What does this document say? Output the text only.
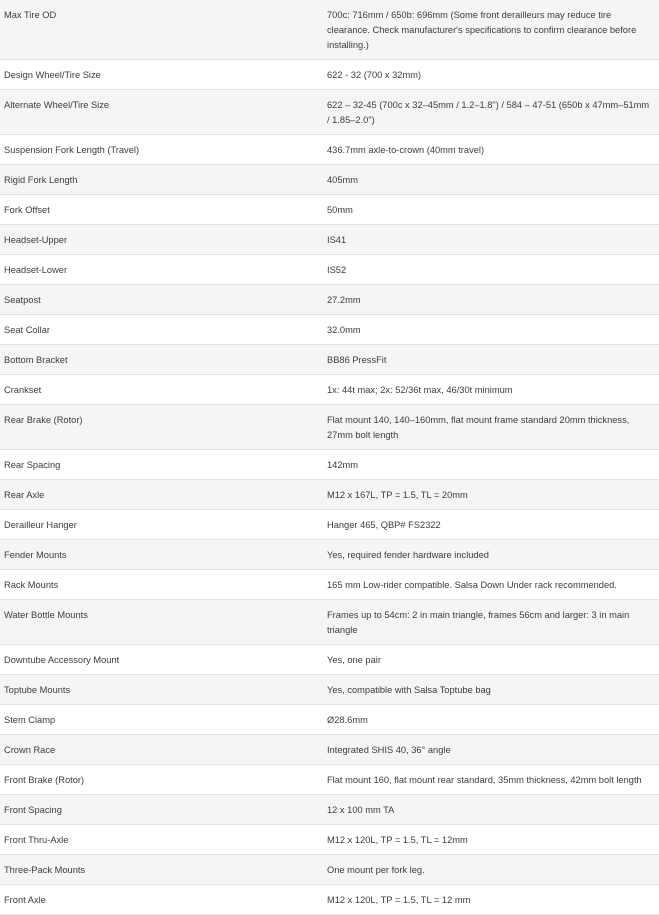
Max Tire OD	700c: 716mm / 650b: 696mm (Some front derailleurs may reduce tire clearance. Check manufacturer's specifications to confirm clearance before installing.)
Design Wheel/Tire Size	622 - 32 (700 x 32mm)
Alternate Wheel/Tire Size	622 – 32-45 (700c x 32–45mm / 1.2–1.8") / 584 – 47-51 (650b x 47mm–51mm / 1.85–2.0")
Suspension Fork Length (Travel)	436.7mm axle-to-crown (40mm travel)
Rigid Fork Length	405mm
Fork Offset	50mm
Headset-Upper	IS41
Headset-Lower	IS52
Seatpost	27.2mm
Seat Collar	32.0mm
Bottom Bracket	BB86 PressFit
Crankset	1x: 44t max; 2x: 52/36t max, 46/30t minimum
Rear Brake (Rotor)	Flat mount 140, 140–160mm, flat mount frame standard 20mm thickness, 27mm bolt length
Rear Spacing	142mm
Rear Axle	M12 x 167L, TP = 1.5, TL = 20mm
Derailleur Hanger	Hanger 465, QBP# FS2322
Fender Mounts	Yes, required fender hardware included
Rack Mounts	165 mm Low-rider compatible. Salsa Down Under rack recommended.
Water Bottle Mounts	Frames up to 54cm: 2 in main triangle, frames 56cm and larger: 3 in main triangle
Downtube Accessory Mount	Yes, one pair
Toptube Mounts	Yes, compatible with Salsa Toptube bag
Stem Clamp	Ø28.6mm
Crown Race	Integrated SHIS 40, 36° angle
Front Brake (Rotor)	Flat mount 160, flat mount rear standard, 35mm thickness, 42mm bolt length
Front Spacing	12 x 100 mm TA
Front Thru-Axle	M12 x 120L, TP = 1.5, TL = 12mm
Three-Pack Mounts	One mount per fork leg.
Front Axle	M12 x 120L, TP = 1.5, TL = 12 mm
